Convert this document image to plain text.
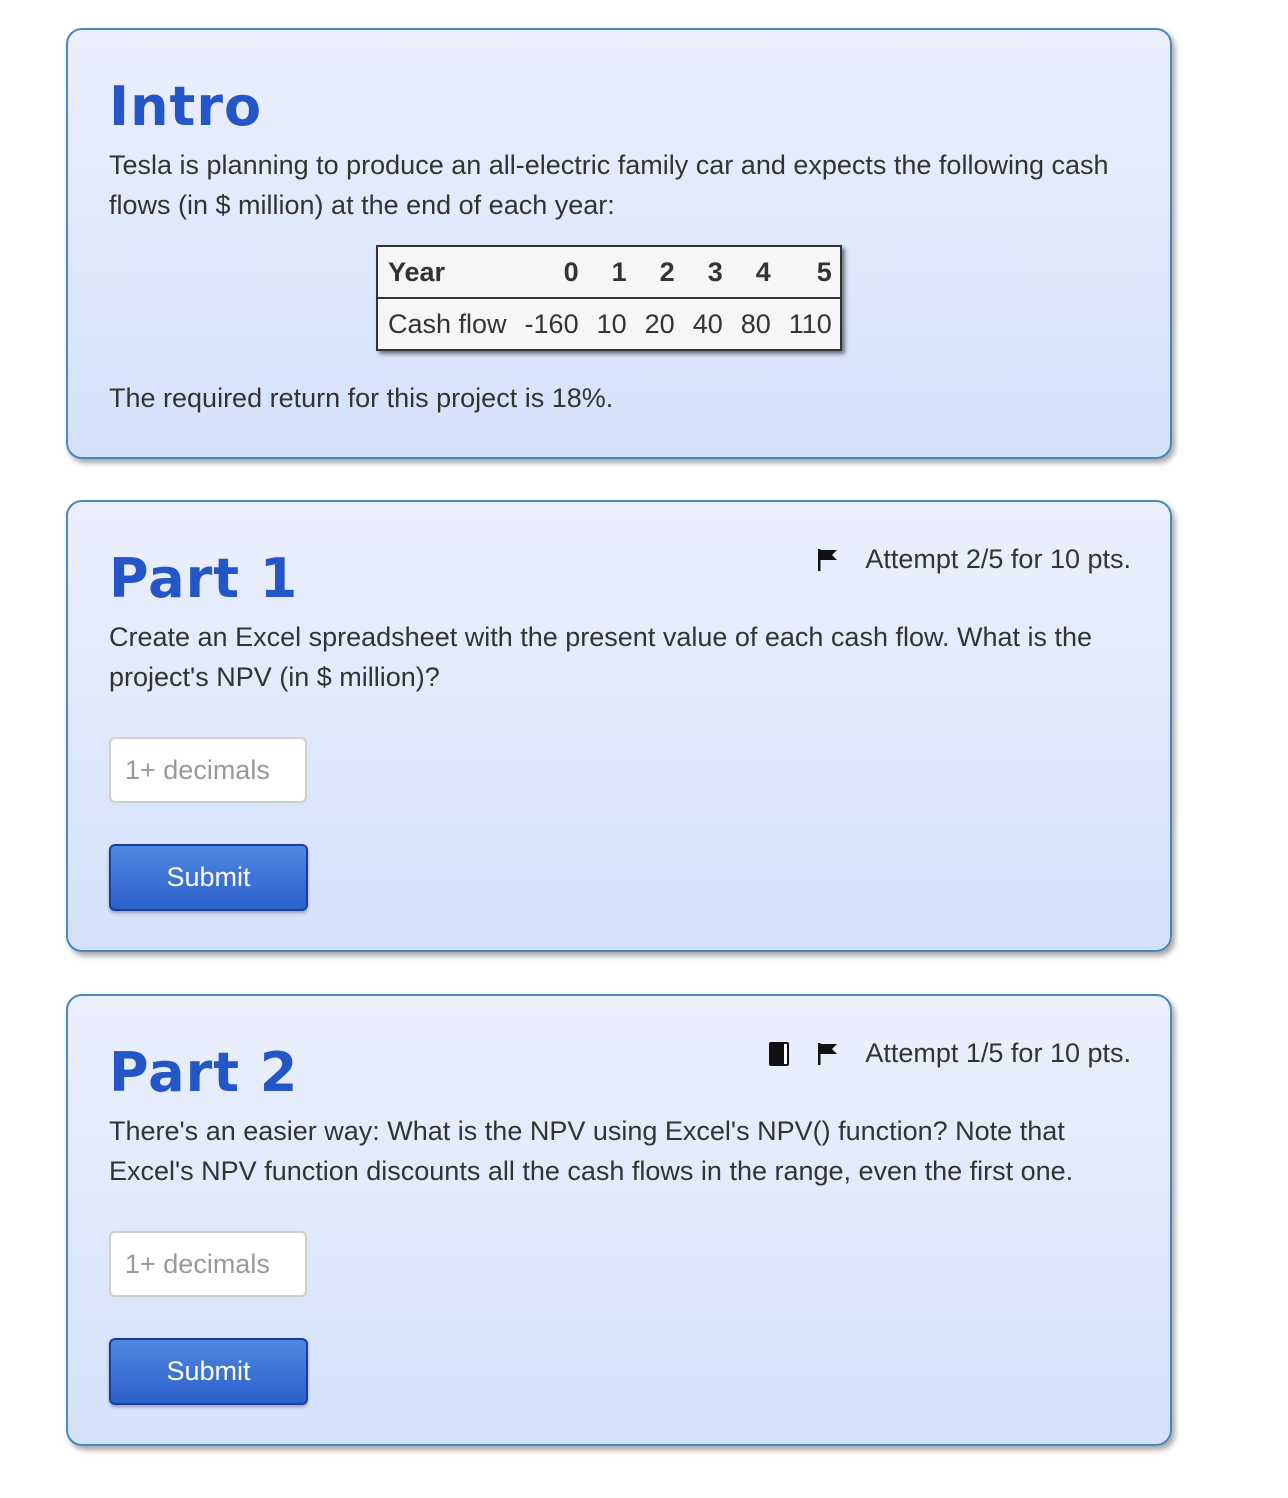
Intro

Tesla is planning to produce an all-electric family car and expects the following cash flows (in $ million) at the end of each year:

Year	0	1	2	3	4	5
Cash flow	-160	10	20	40	80	110

The required return for this project is 18%.

Part 1	Attempt 2/5 for 10 pts.

Create an Excel spreadsheet with the present value of each cash flow. What is the project's NPV (in $ million)?

1+ decimals
Submit
Part 2	Attempt 1/5 for 10 pts.

There's an easier way: What is the NPV using Excel's NPV() function? Note that Excel's NPV function discounts all the cash flows in the range, even the first one.

1+ decimals
Submit
